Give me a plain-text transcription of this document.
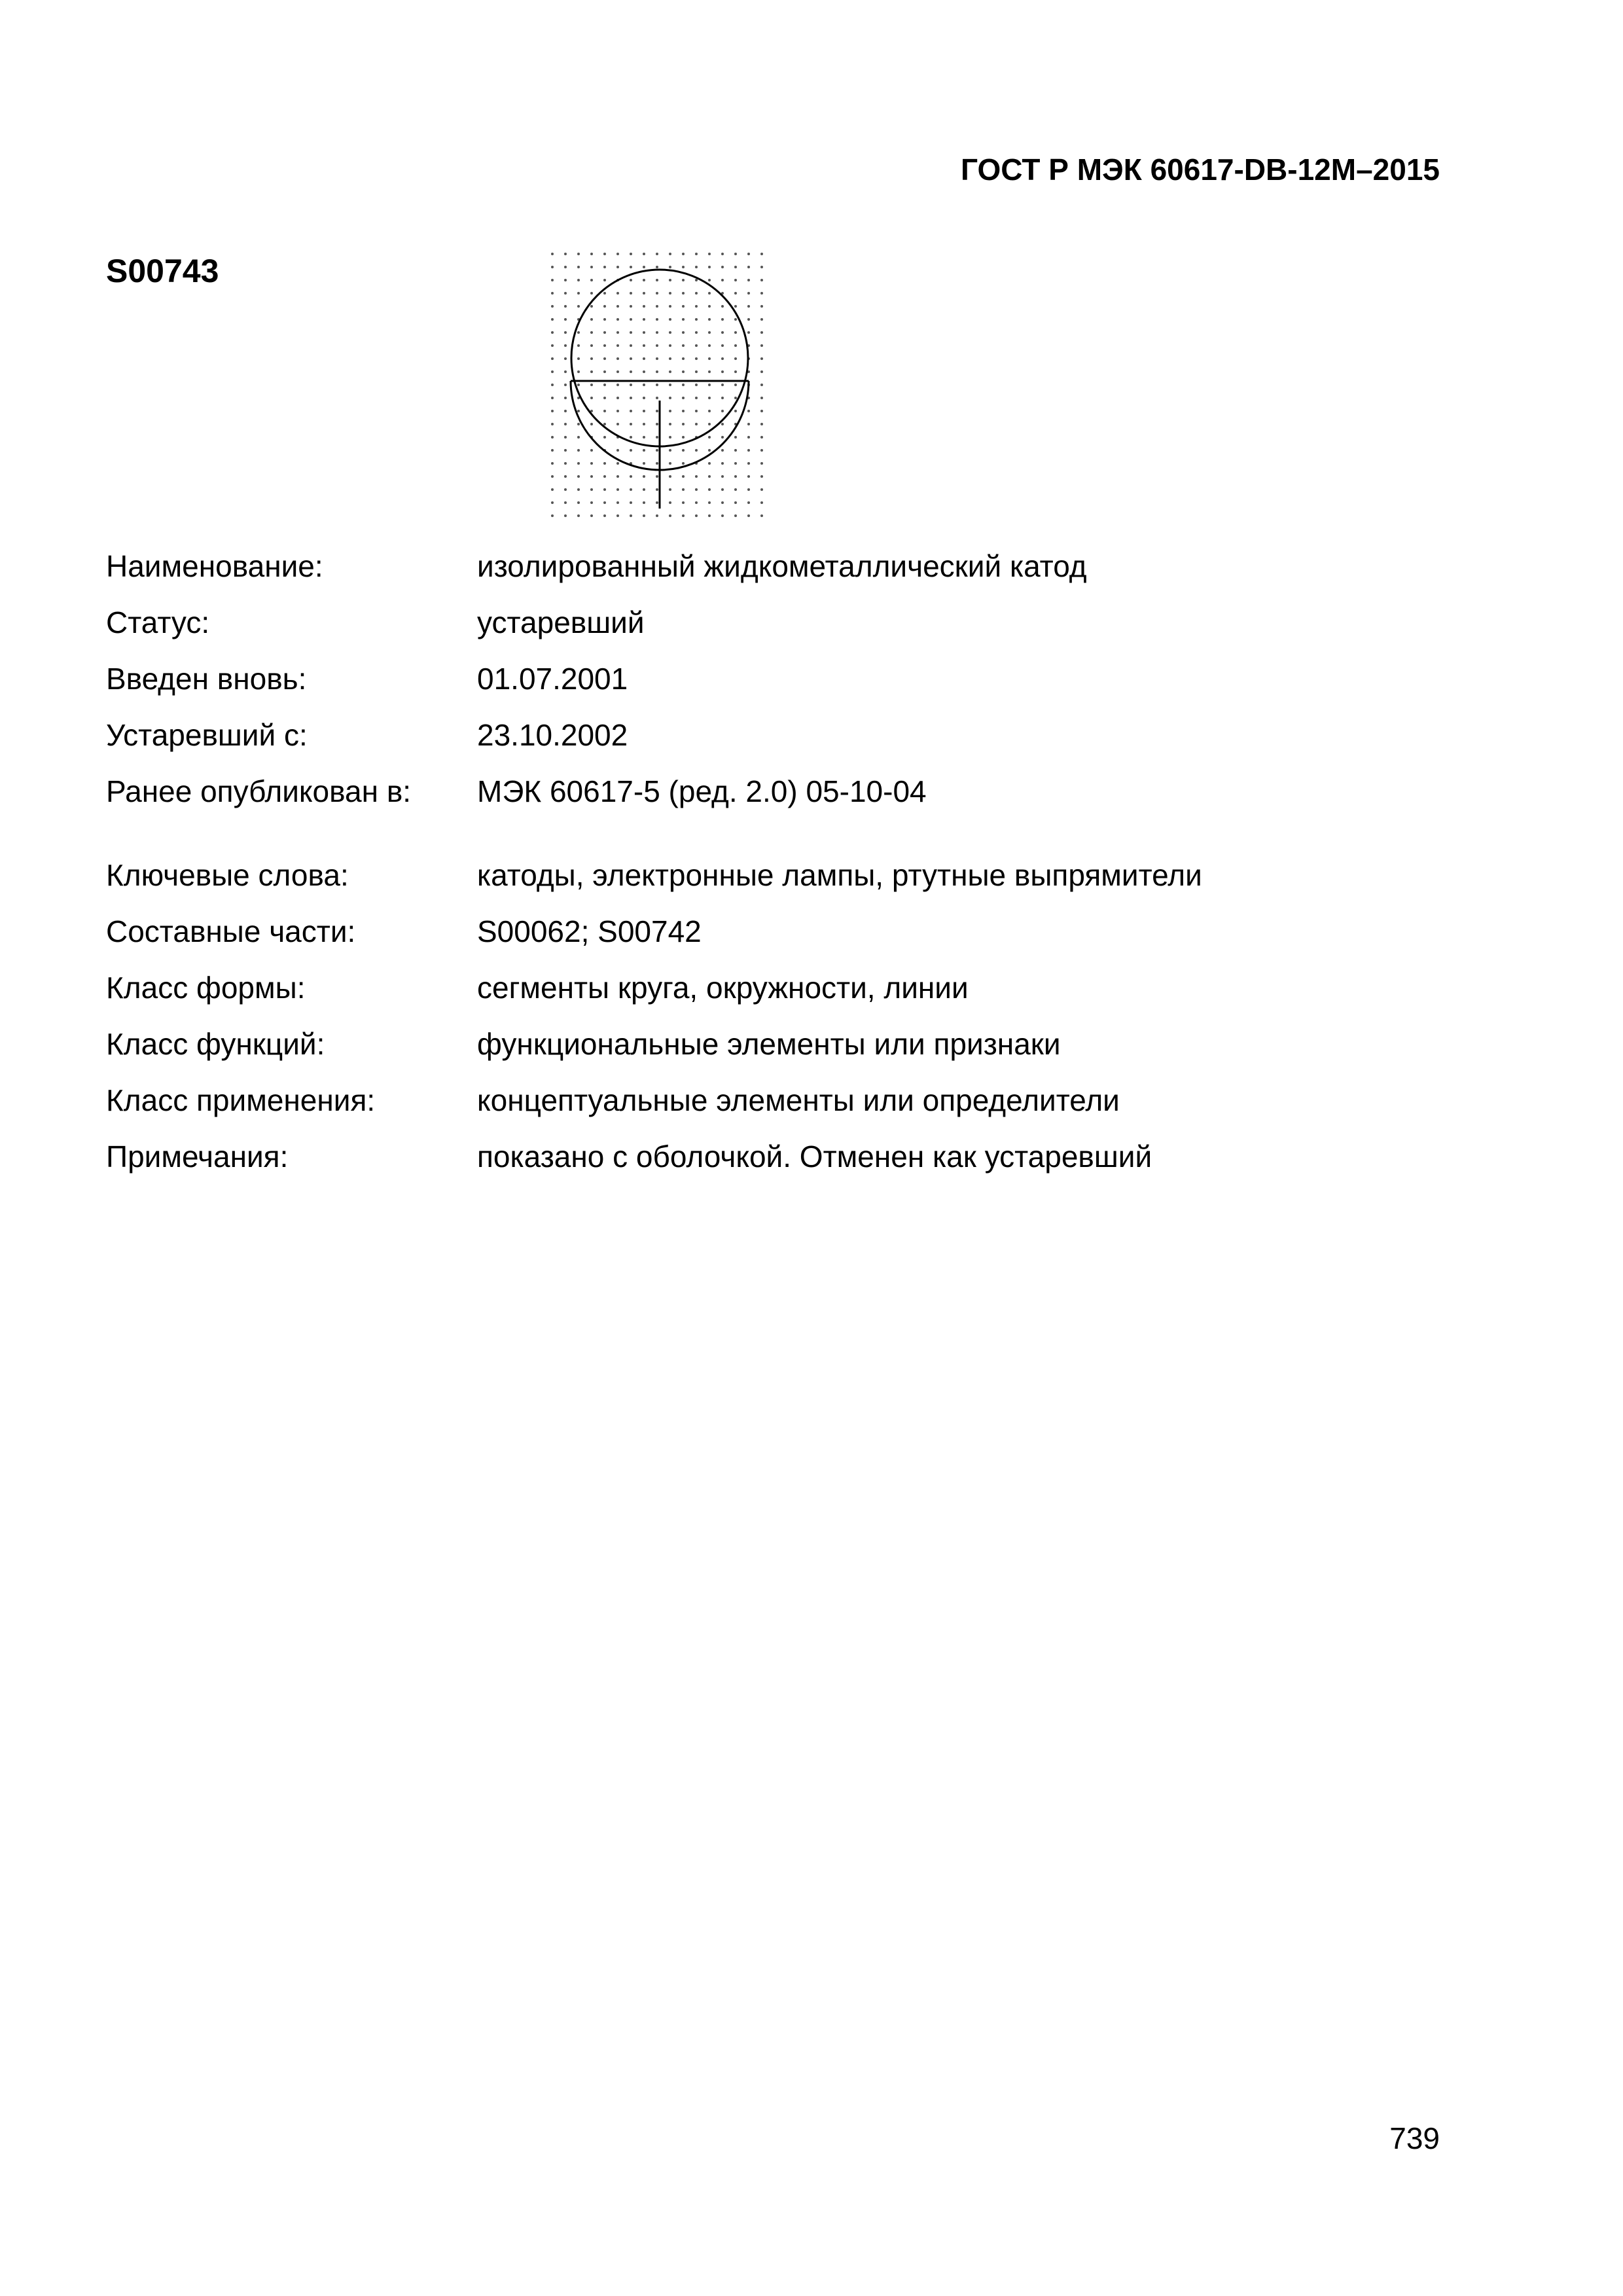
ГОСТ Р МЭК 60617-DB-12M–2015
S00743
Наименование:	изолированный жидкометаллический катод
Статус:	устаревший
Введен вновь:	01.07.2001
Устаревший с:	23.10.2002
Ранее опубликован в:	МЭК 60617-5 (ред. 2.0) 05-10-04
Ключевые слова:	катоды, электронные лампы, ртутные выпрямители
Составные части:	S00062; S00742
Класс формы:	сегменты круга, окружности, линии
Класс функций:	функциональные элементы или признаки
Класс применения:	концептуальные элементы или определители
Примечания:	показано с оболочкой. Отменен как устаревший
739
